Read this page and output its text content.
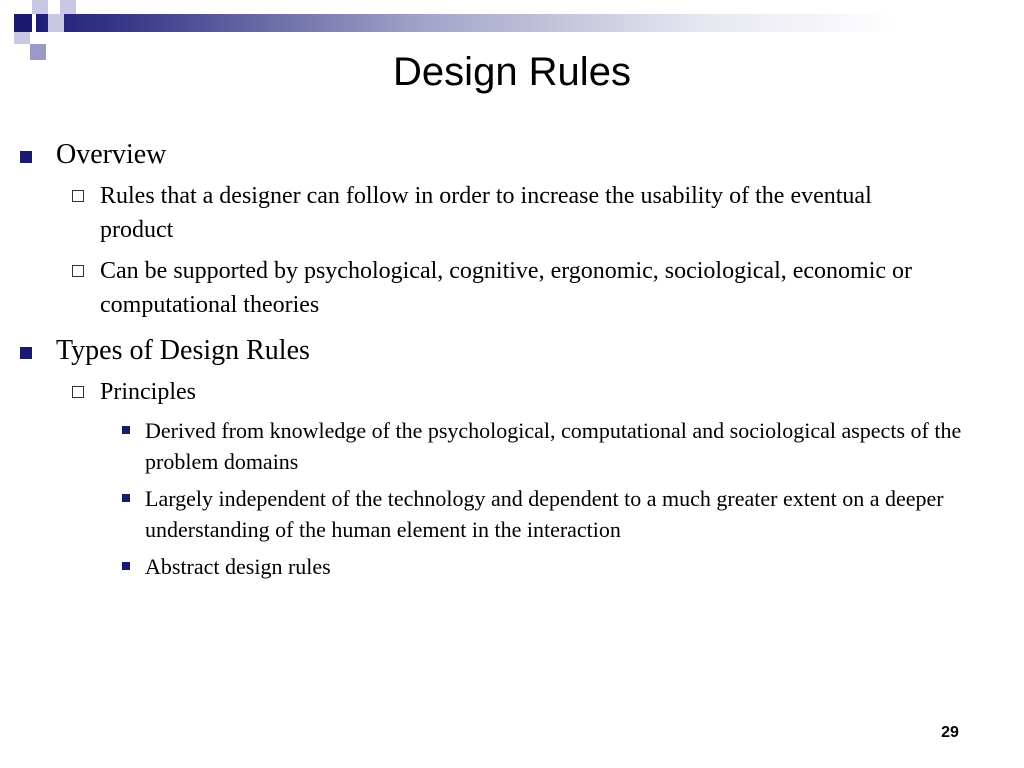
Design Rules
Overview
Rules that a designer can follow in order to increase the usability of the eventual product
Can be supported by psychological, cognitive, ergonomic, sociological, economic or computational theories
Types of Design Rules
Principles
Derived from knowledge of the psychological, computational and sociological aspects of the problem domains
Largely independent of the technology and dependent to a much greater extent on a deeper understanding of the human element in the interaction
Abstract design rules
29
